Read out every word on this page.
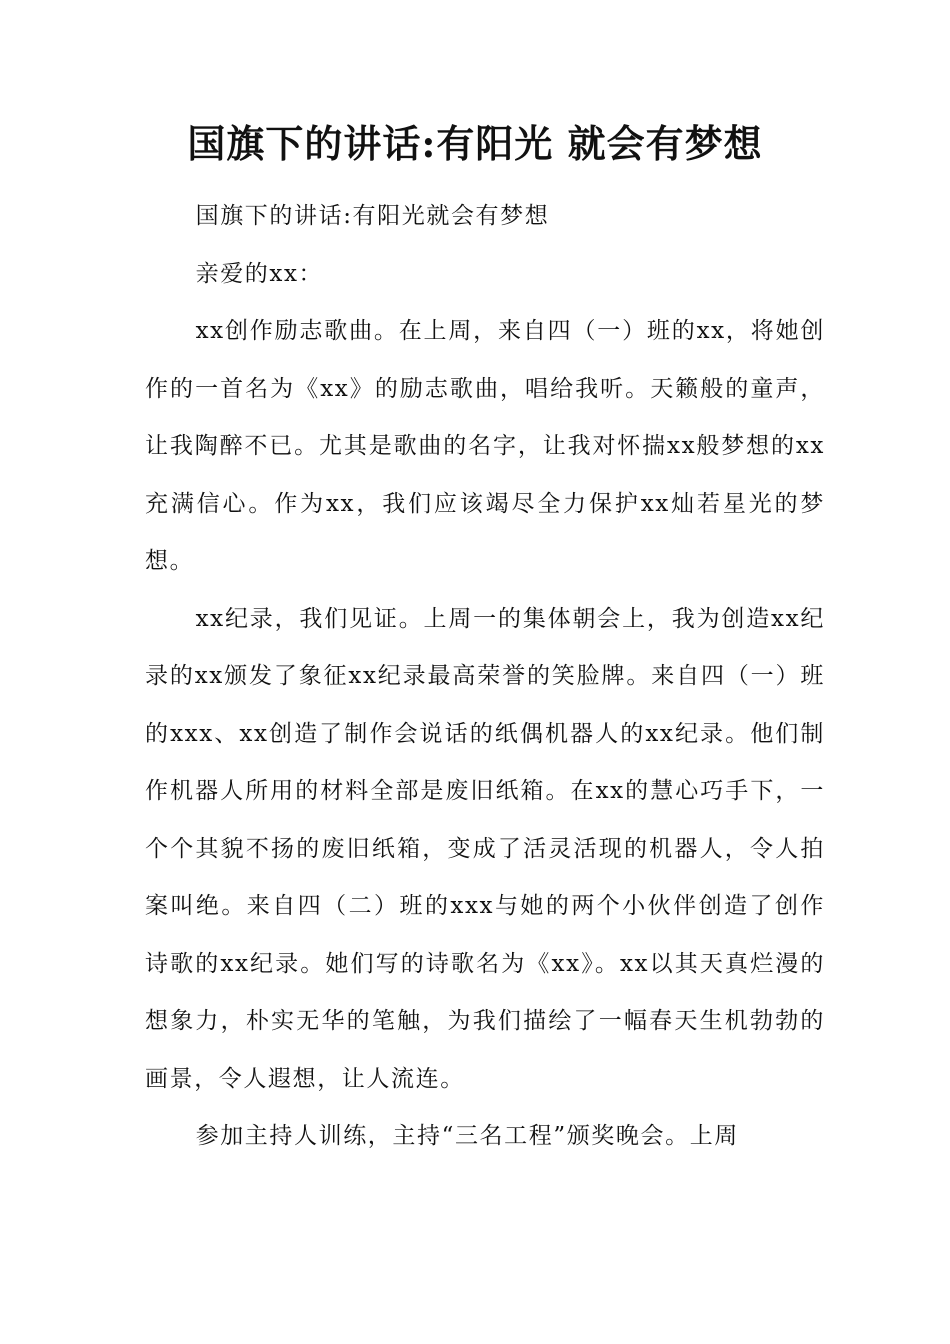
国旗下的讲话:有阳光 就会有梦想

国旗下的讲话:有阳光就会有梦想

亲爱的xx：

xx创作励志歌曲。在上周，来自四（一）班的xx，将她创作的一首名为《xx》的励志歌曲，唱给我听。天籁般的童声，让我陶醉不已。尤其是歌曲的名字，让我对怀揣xx般梦想的xx充满信心。作为xx，我们应该竭尽全力保护xx灿若星光的梦想。

xx纪录，我们见证。上周一的集体朝会上，我为创造xx纪录的xx颁发了象征xx纪录最高荣誉的笑脸牌。来自四（一）班的xxx、xx创造了制作会说话的纸偶机器人的xx纪录。他们制作机器人所用的材料全部是废旧纸箱。在xx的慧心巧手下，一个个其貌不扬的废旧纸箱，变成了活灵活现的机器人，令人拍案叫绝。来自四（二）班的xxx与她的两个小伙伴创造了创作诗歌的xx纪录。她们写的诗歌名为《xx》。xx以其天真烂漫的想象力，朴实无华的笔触，为我们描绘了一幅春天生机勃勃的画景，令人遐想，让人流连。

参加主持人训练，主持“三名工程”颁奖晚会。上周
